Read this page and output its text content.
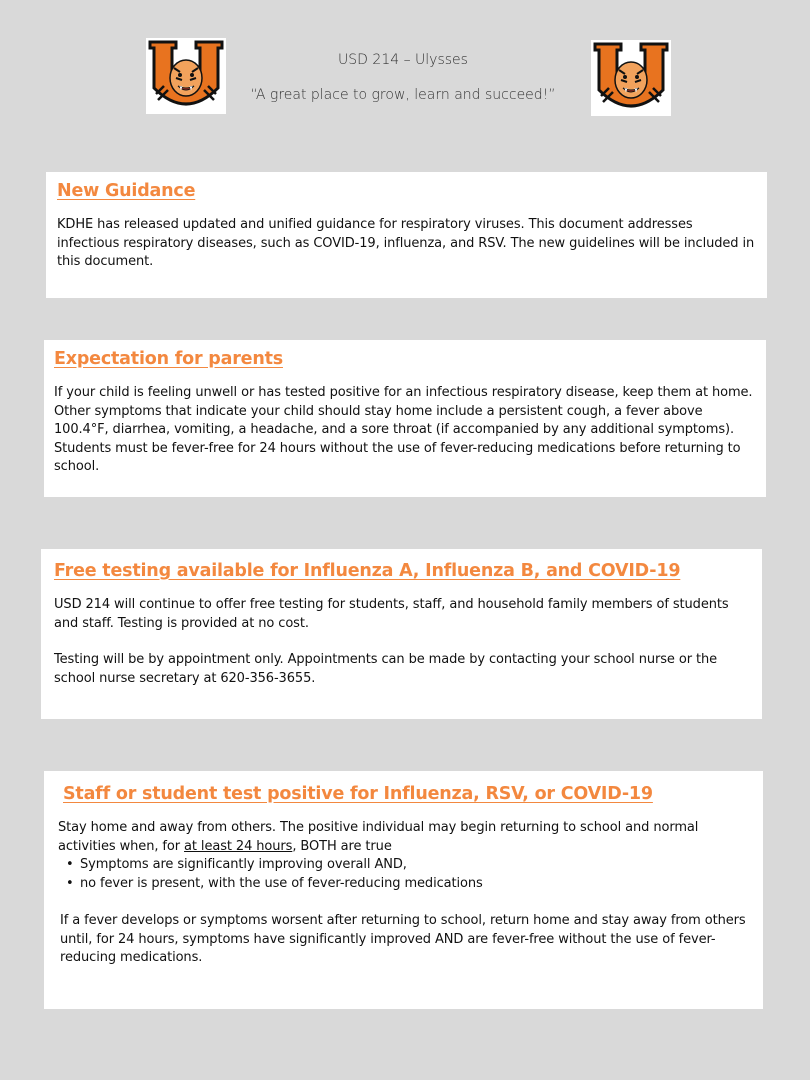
USD 214 – Ulysses
“A great place to grow, learn and succeed!”
New Guidance

KDHE has released updated and unified guidance for respiratory viruses. This document addresses infectious respiratory diseases, such as COVID-19, influenza, and RSV. The new guidelines will be included in this document.

Expectation for parents

If your child is feeling unwell or has tested positive for an infectious respiratory disease, keep them at home. Other symptoms that indicate your child should stay home include a persistent cough, a fever above 100.4°F, diarrhea, vomiting, a headache, and a sore throat (if accompanied by any additional symptoms). Students must be fever-free for 24 hours without the use of fever-reducing medications before returning to school.

Free testing available for Influenza A, Influenza B, and COVID-19

USD 214 will continue to offer free testing for students, staff, and household family members of students and staff. Testing is provided at no cost.

Testing will be by appointment only. Appointments can be made by contacting your school nurse or the school nurse secretary at 620-356-3655.

Staff or student test positive for Influenza, RSV, or COVID-19

Stay home and away from others. The positive individual may begin returning to school and normal activities when, for at least 24 hours, BOTH are true

• Symptoms are significantly improving overall AND,
• no fever is present, with the use of fever-reducing medications

If a fever develops or symptoms worsent after returning to school, return home and stay away from others until, for 24 hours, symptoms have significantly improved AND are fever-free without the use of fever-reducing medications.
